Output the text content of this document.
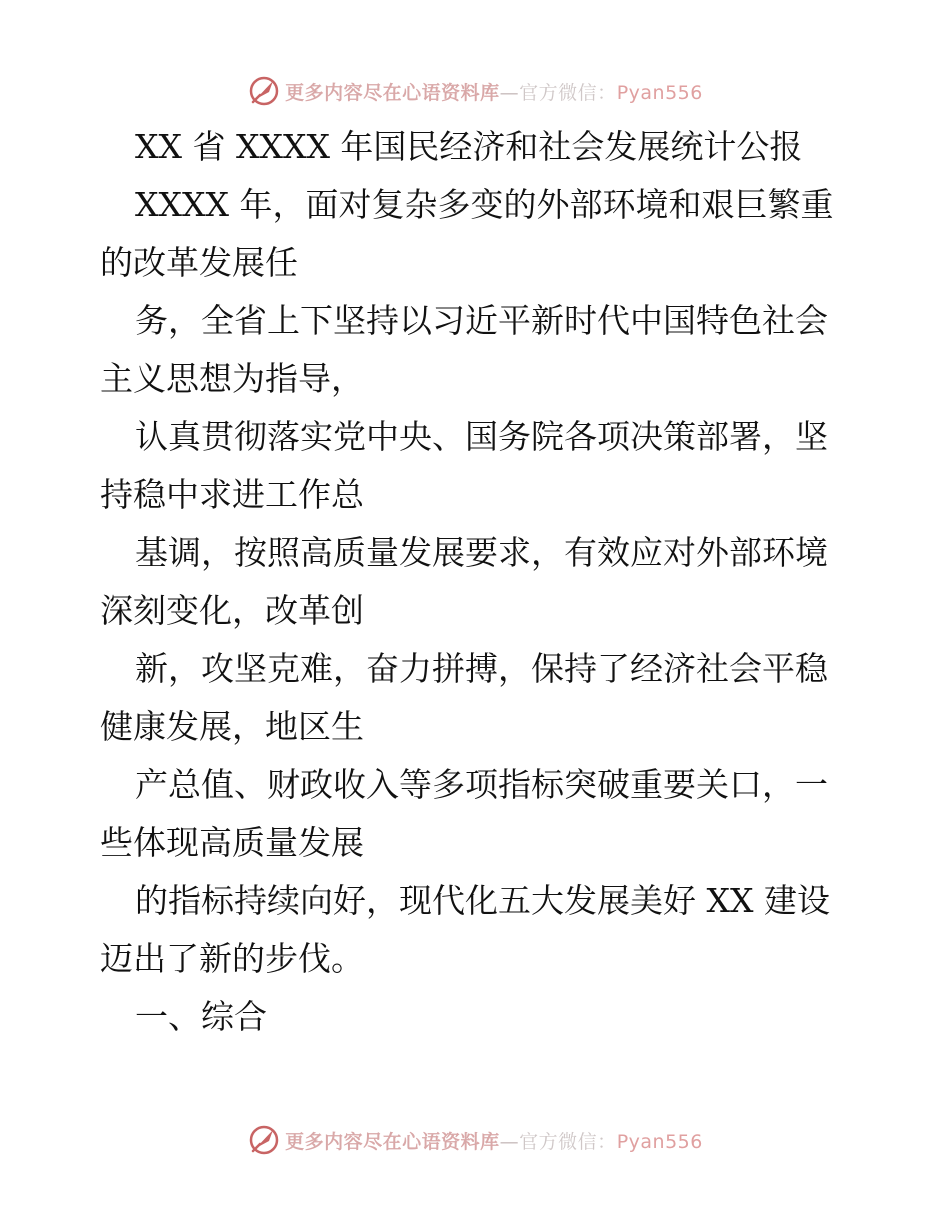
更多内容尽在心语资料库—官方微信：Pyan556
XX 省 XXXX 年国民经济和社会发展统计公报
XXXX 年，面对复杂多变的外部环境和艰巨繁重
的改革发展任
务，全省上下坚持以习近平新时代中国特色社会
主义思想为指导，
认真贯彻落实党中央、国务院各项决策部署，坚
持稳中求进工作总
基调，按照高质量发展要求，有效应对外部环境
深刻变化，改革创
新，攻坚克难，奋力拼搏，保持了经济社会平稳
健康发展，地区生
产总值、财政收入等多项指标突破重要关口，一
些体现高质量发展
的指标持续向好，现代化五大发展美好 XX 建设
迈出了新的步伐。
一、综合
更多内容尽在心语资料库—官方微信：Pyan556
